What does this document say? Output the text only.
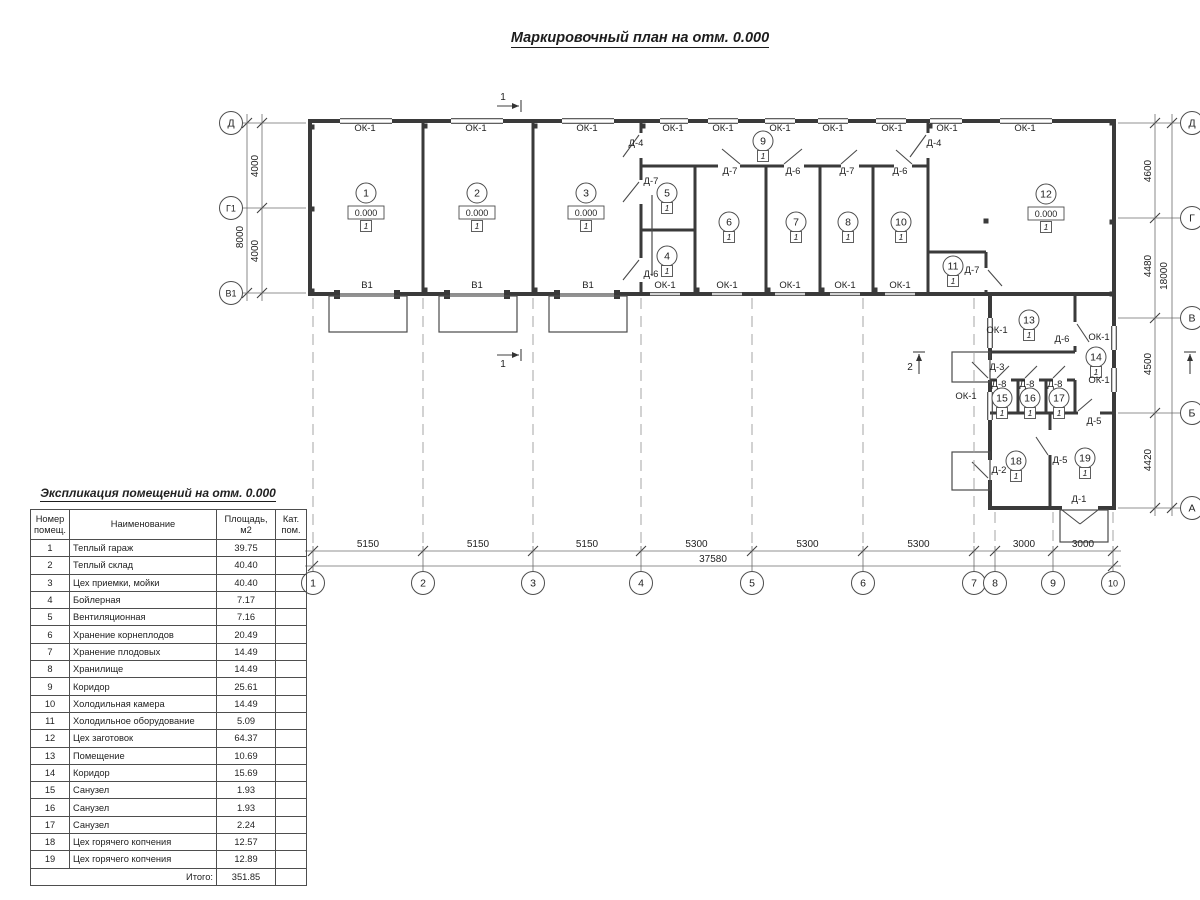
Маркировочный план на отм. 0.000
1	2	3	4	5	6	7 8	9	10
5150	5150	5150	5300	5300	5300	3000	3000
37580
Д
Г1
В1
4000
4000
8000
Д
Г
В
Б
А
4600
4480
4500
4420
18000
1
0.000
1
2
0.000
1
3
0.000
1
4
1
5
1
6
1
7
1
8
1
9
1
10
1
11
1
12
0.000
1
13
1
14
1
15
1
16
1
17
1
18
1
19
1
ОК-1	ОК-1	ОК-1	ОК-1	ОК-1	ОК-1	ОК-1	ОК-1	ОК-1	ОК-1
ОК-1	ОК-1	ОК-1	ОК-1	ОК-1
ОК-1
ОК-1
ОК-1
ОК-1
В1	В1	В1
Д-4	Д-4
Д-7
Д-6
Д-7	Д-6	Д-7	Д-6
Д-7
Д-6
Д-3
Д-8 Д-8 Д-8
Д-5
Д-5
Д-2
Д-1
1
1	2
Экспликация помещений на отм. 0.000
Номер помещ.	Наименование	Площадь, м2	Кат. пом.
1	Теплый гараж	39.75	
2	Теплый склад	40.40	
3	Цех приемки, мойки	40.40	
4	Бойлерная	7.17	
5	Вентиляционная	7.16	
6	Хранение корнеплодов	20.49	
7	Хранение плодовых	14.49	
8	Хранилище	14.49	
9	Коридор	25.61	
10	Холодильная камера	14.49	
11	Холодильное оборудование	5.09	
12	Цех заготовок	64.37	
13	Помещение	10.69	
14	Коридор	15.69	
15	Санузел	1.93	
16	Санузел	1.93	
17	Санузел	2.24	
18	Цех горячего копчения	12.57	
19	Цех горячего копчения	12.89	
Итого:		351.85	
